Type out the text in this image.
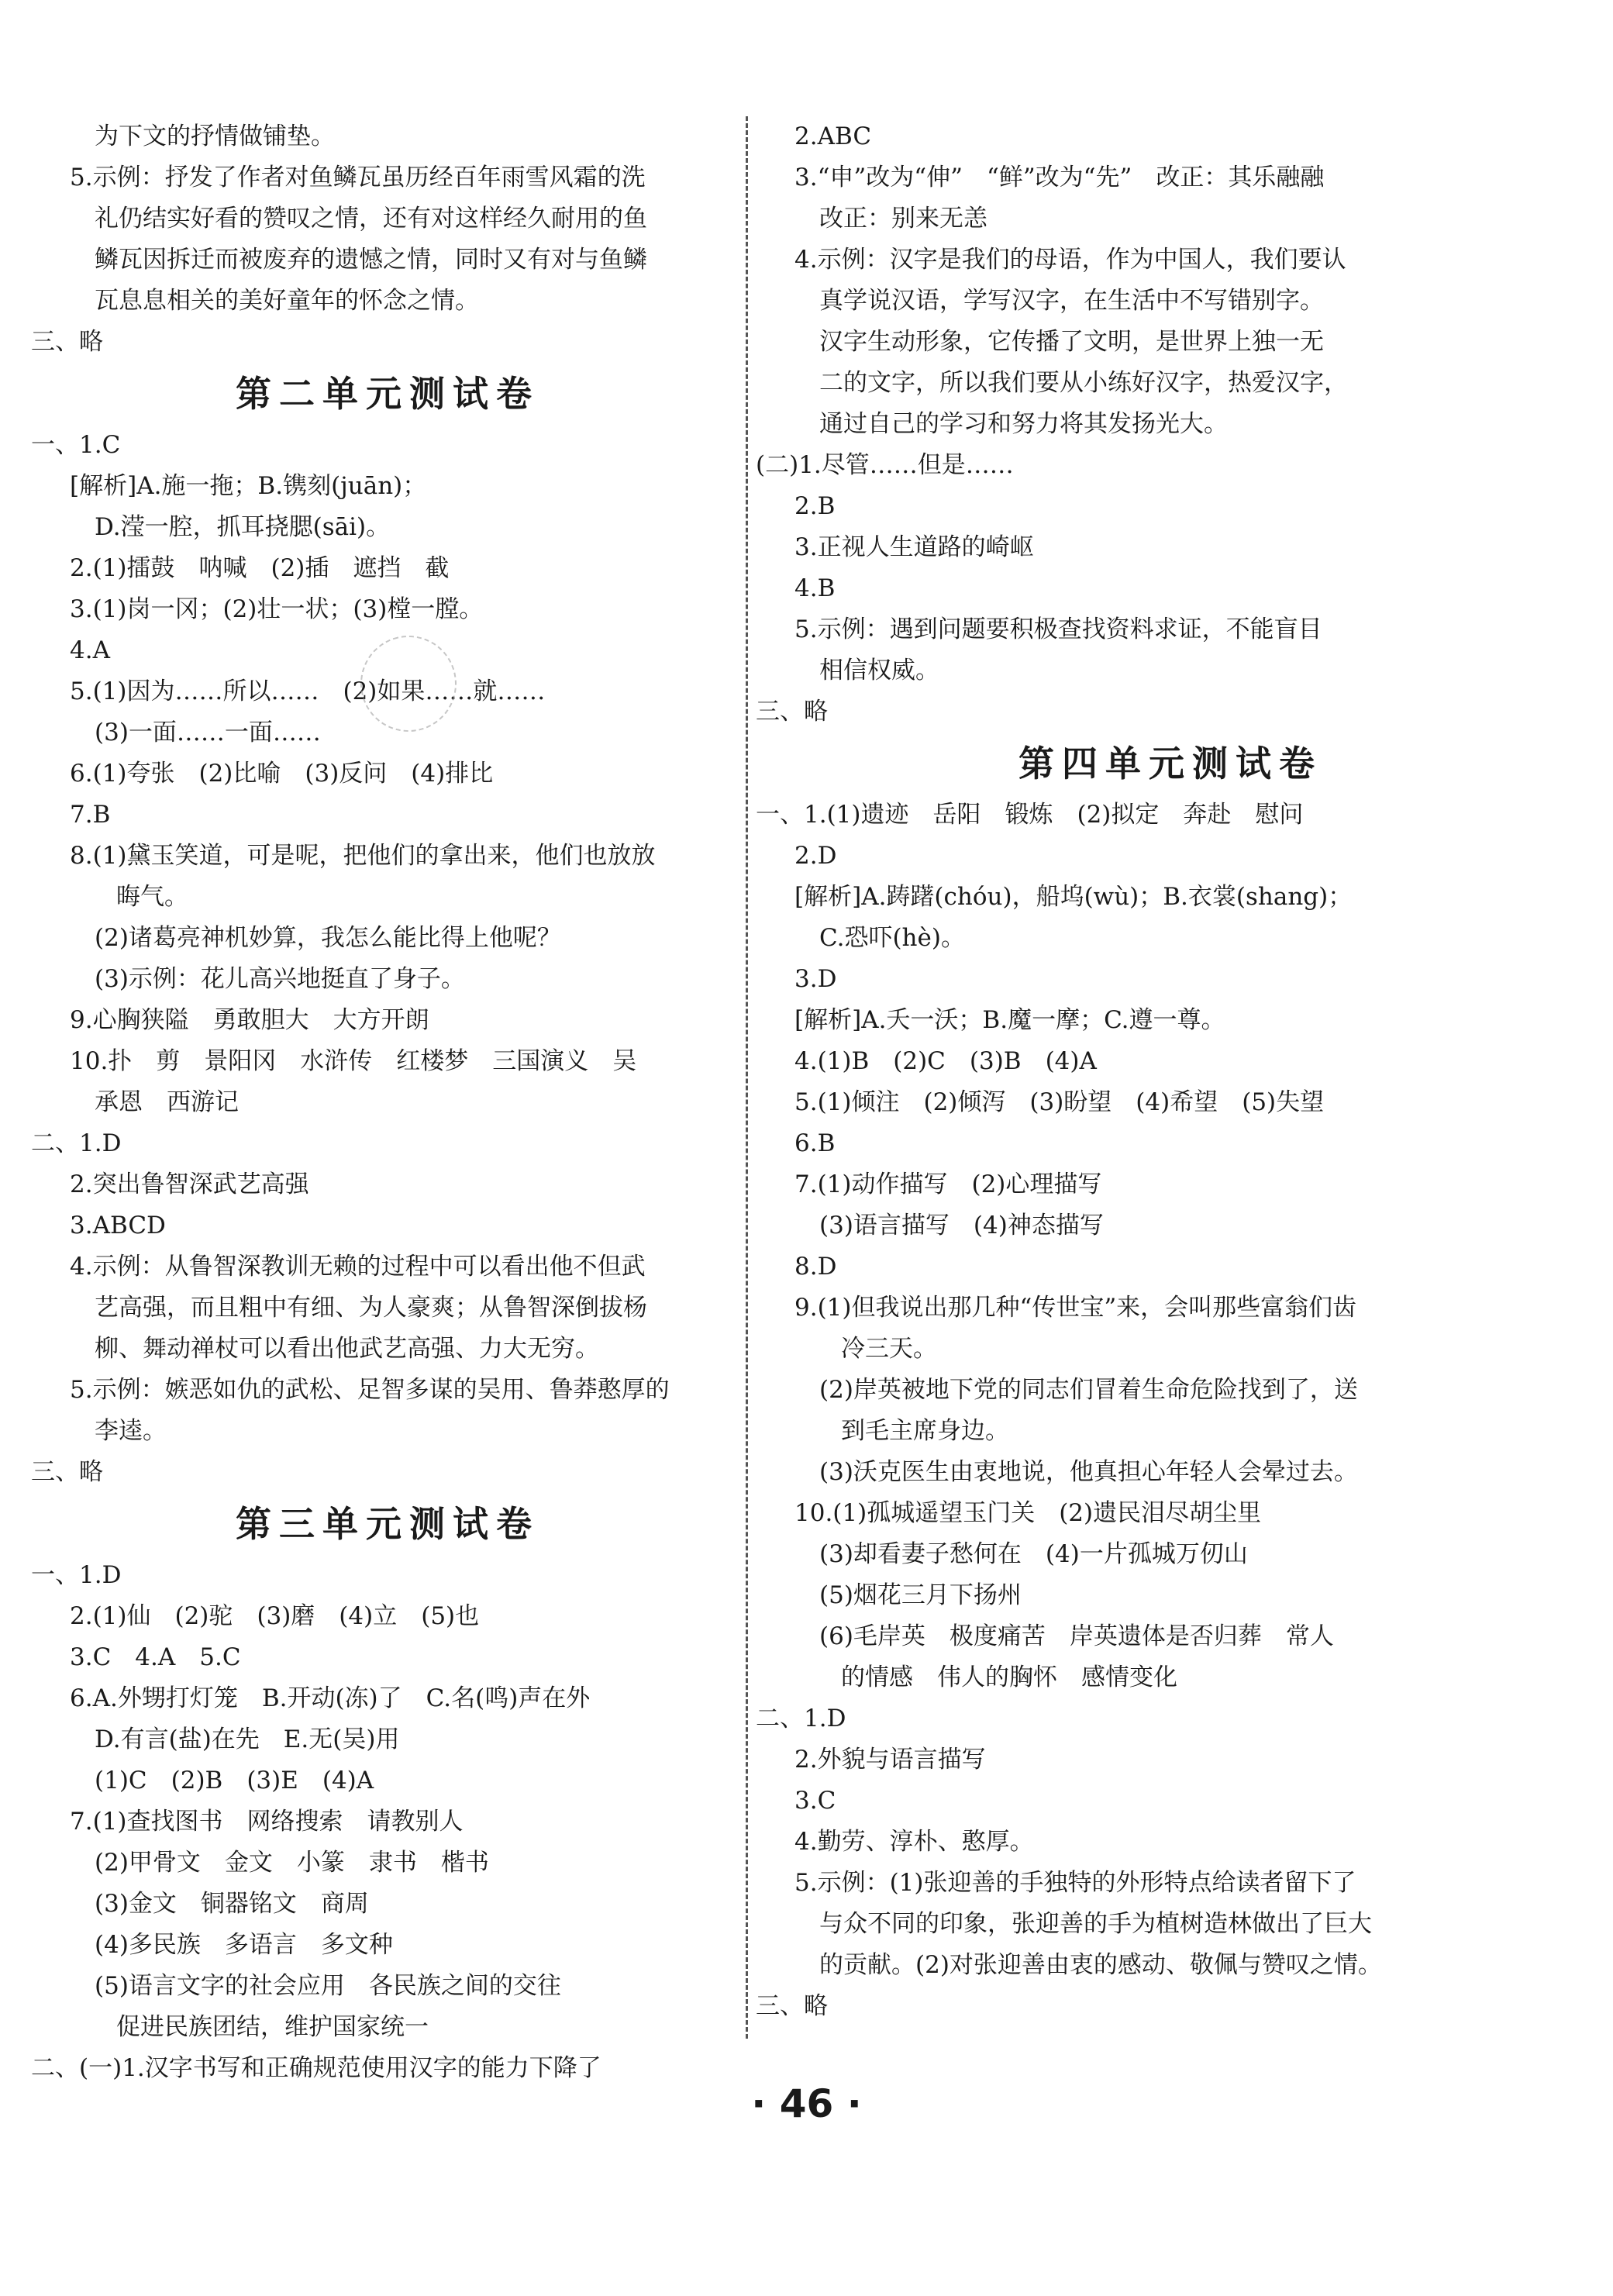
为下文的抒情做铺垫。
5.示例：抒发了作者对鱼鳞瓦虽历经百年雨雪风霜的洗
礼仍结实好看的赞叹之情，还有对这样经久耐用的鱼
鳞瓦因拆迁而被废弃的遗憾之情，同时又有对与鱼鳞
瓦息息相关的美好童年的怀念之情。
三、略
第二单元测试卷
一、1.C
[解析]A.施一拖；B.镌刻(juān)；
D.滢一腔，抓耳挠腮(sāi)。
2.(1)擂鼓　呐喊　(2)插　遮挡　截
3.(1)岗一冈；(2)壮一状；(3)樘一膛。
4.A
5.(1)因为……所以……　(2)如果……就……
(3)一面……一面……
6.(1)夸张　(2)比喻　(3)反问　(4)排比
7.B
8.(1)黛玉笑道，可是呢，把他们的拿出来，他们也放放
晦气。
(2)诸葛亮神机妙算，我怎么能比得上他呢？
(3)示例：花儿高兴地挺直了身子。
9.心胸狭隘　勇敢胆大　大方开朗
10.扑　剪　景阳冈　水浒传　红楼梦　三国演义　吴
承恩　西游记
二、1.D
2.突出鲁智深武艺高强
3.ABCD
4.示例：从鲁智深教训无赖的过程中可以看出他不但武
艺高强，而且粗中有细、为人豪爽；从鲁智深倒拔杨
柳、舞动禅杖可以看出他武艺高强、力大无穷。
5.示例：嫉恶如仇的武松、足智多谋的吴用、鲁莽憨厚的
李逵。
三、略
第三单元测试卷
一、1.D
2.(1)仙　(2)驼　(3)磨　(4)立　(5)也
3.C　4.A　5.C
6.A.外甥打灯笼　B.开动(冻)了　C.名(鸣)声在外
D.有言(盐)在先　E.无(吴)用
(1)C　(2)B　(3)E　(4)A
7.(1)查找图书　网络搜索　请教别人
(2)甲骨文　金文　小篆　隶书　楷书
(3)金文　铜器铭文　商周
(4)多民族　多语言　多文种
(5)语言文字的社会应用　各民族之间的交往
促进民族团结，维护国家统一
二、(一)1.汉字书写和正确规范使用汉字的能力下降了
2.ABC
3.“申”改为“伸”　“鲜”改为“先”　改正：其乐融融
改正：别来无恙
4.示例：汉字是我们的母语，作为中国人，我们要认
真学说汉语，学写汉字，在生活中不写错别字。
汉字生动形象，它传播了文明，是世界上独一无
二的文字，所以我们要从小练好汉字，热爱汉字，
通过自己的学习和努力将其发扬光大。
(二)1.尽管……但是……
2.B
3.正视人生道路的崎岖
4.B
5.示例：遇到问题要积极查找资料求证，不能盲目
相信权威。
三、略
第四单元测试卷
一、1.(1)遗迹　岳阳　锻炼　(2)拟定　奔赴　慰问
2.D
[解析]A.踌躇(chóu)，船坞(wù)；B.衣裳(shang)；
C.恐吓(hè)。
3.D
[解析]A.夭一沃；B.魔一摩；C.遵一尊。
4.(1)B　(2)C　(3)B　(4)A
5.(1)倾注　(2)倾泻　(3)盼望　(4)希望　(5)失望
6.B
7.(1)动作描写　(2)心理描写
(3)语言描写　(4)神态描写
8.D
9.(1)但我说出那几种“传世宝”来，会叫那些富翁们齿
冷三天。
(2)岸英被地下党的同志们冒着生命危险找到了，送
到毛主席身边。
(3)沃克医生由衷地说，他真担心年轻人会晕过去。
10.(1)孤城遥望玉门关　(2)遗民泪尽胡尘里
(3)却看妻子愁何在　(4)一片孤城万仞山
(5)烟花三月下扬州
(6)毛岸英　极度痛苦　岸英遗体是否归葬　常人
的情感　伟人的胸怀　感情变化
二、1.D
2.外貌与语言描写
3.C
4.勤劳、淳朴、憨厚。
5.示例：(1)张迎善的手独特的外形特点给读者留下了
与众不同的印象，张迎善的手为植树造林做出了巨大
的贡献。(2)对张迎善由衷的感动、敬佩与赞叹之情。
三、略
· 46 ·
